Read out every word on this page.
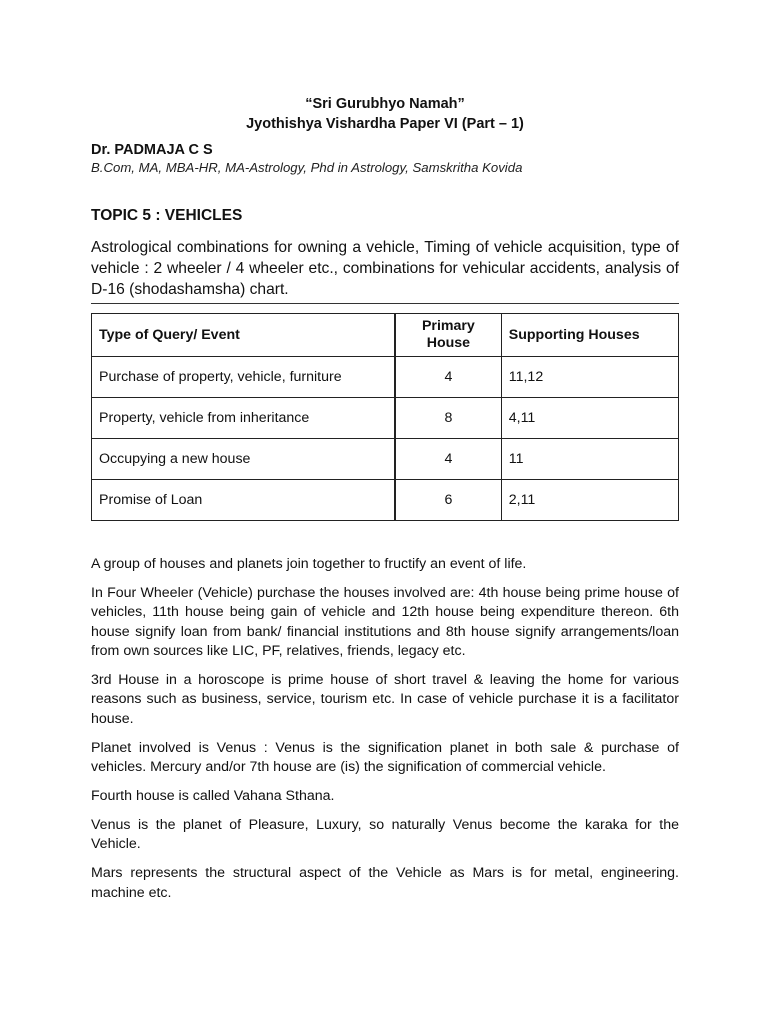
“Sri Gurubhyo Namah”
Jyothishya Vishardha Paper VI (Part – 1)
Dr. PADMAJA C S
B.Com, MA, MBA-HR, MA-Astrology, Phd in Astrology, Samskritha Kovida
TOPIC 5 : VEHICLES

Astrological combinations for owning a vehicle, Timing of vehicle acquisition, type of vehicle : 2 wheeler / 4 wheeler etc., combinations for vehicular accidents, analysis of D-16 (shodashamsha) chart.

Type of Query/ Event	Primary House	Supporting Houses
Purchase of property, vehicle, furniture	4	11,12
Property, vehicle from inheritance	8	4,11
Occupying a new house	4	11
Promise of Loan	6	2,11

A group of houses and planets join together to fructify an event of life.

In Four Wheeler (Vehicle) purchase the houses involved are: 4th house being prime house of vehicles, 11th house being gain of vehicle and 12th house being expenditure thereon. 6th house signify loan from bank/ financial institutions and 8th house signify arrangements/loan from own sources like LIC, PF, relatives, friends, legacy etc.

3rd House in a horoscope is prime house of short travel & leaving the home for various reasons such as business, service, tourism etc. In case of vehicle purchase it is a facilitator house.

Planet involved is Venus : Venus is the signification planet in both sale & purchase of vehicles. Mercury and/or 7th house are (is) the signification of commercial vehicle.

Fourth house is called Vahana Sthana.

Venus is the planet of Pleasure, Luxury, so naturally Venus become the karaka for the Vehicle.

Mars represents the structural aspect of the Vehicle as Mars is for metal, engineering. machine etc.
